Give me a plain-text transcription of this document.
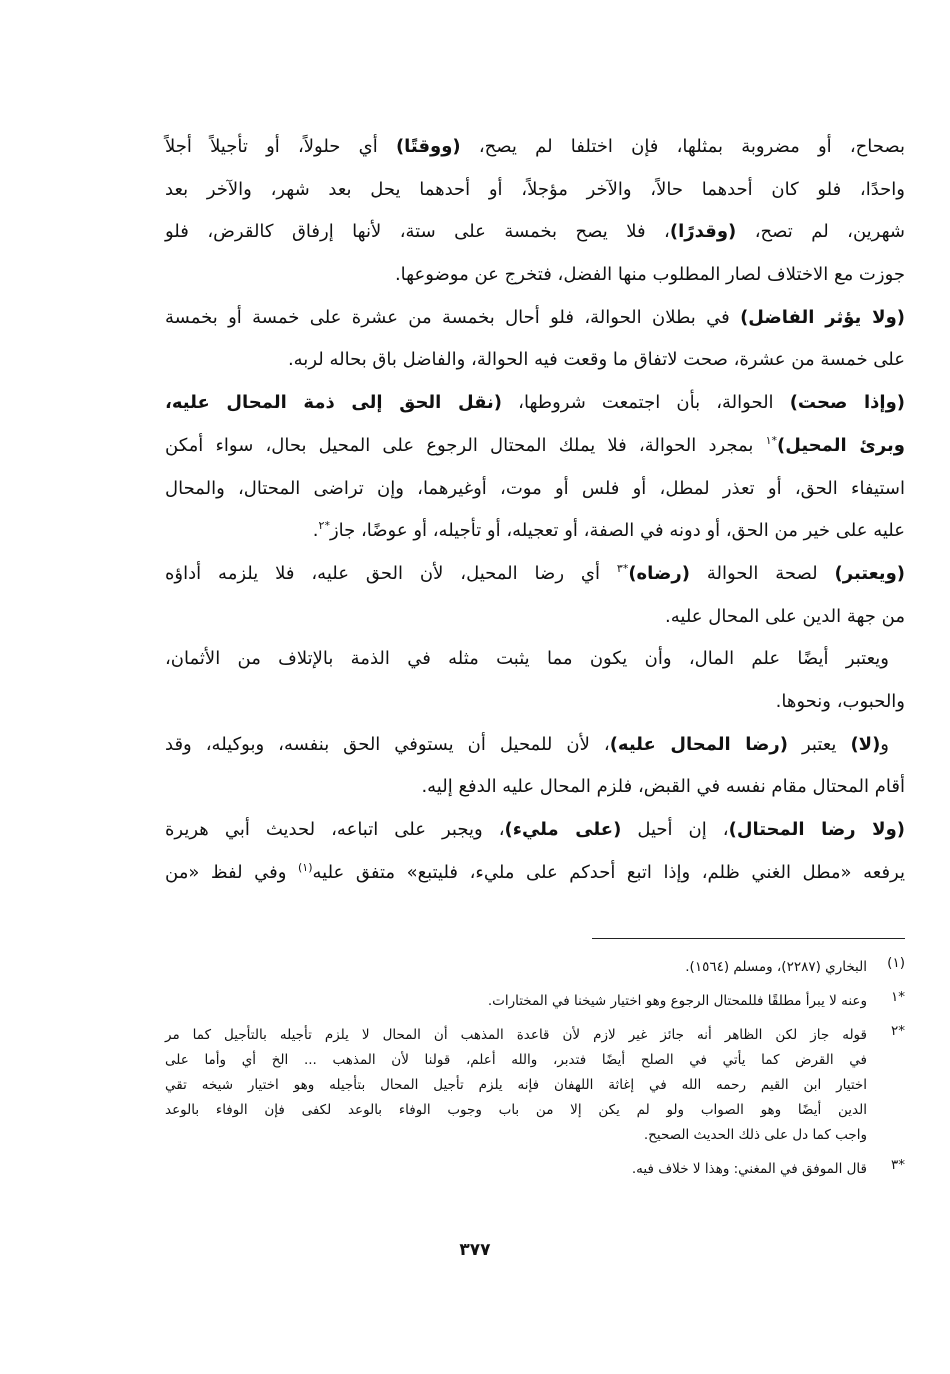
بصحاح، أو مضروبة بمثلها، فإن اختلفا لم يصح، (ووقتًا) أي حلولاً، أو تأجيلاً أجلاً
واحدًا، فلو كان أحدهما حالاً، والآخر مؤجلاً، أو أحدهما يحل بعد شهر، والآخر بعد
شهرين، لم تصح، (وقدرًا)، فلا يصح بخمسة على ستة، لأنها إرفاق كالقرض، فلو
جوزت مع الاختلاف لصار المطلوب منها الفضل، فتخرج عن موضوعها.
(ولا يؤثر الفاضل) في بطلان الحوالة، فلو أحال بخمسة من عشرة على خمسة أو بخمسة
على خمسة من عشرة، صحت لاتفاق ما وقعت فيه الحوالة، والفاضل باق بحاله لربه.
(وإذا صحت) الحوالة، بأن اجتمعت شروطها، (نقل الحق إلى ذمة المحال عليه،
وبرئ المحيل)$^{*١}$ بمجرد الحوالة، فلا يملك المحتال الرجوع على المحيل بحال، سواء أمكن
استيفاء الحق، أو تعذر لمطل، أو فلس أو موت، أوغيرهما، وإن تراضى المحتال، والمحال
عليه على خير من الحق، أو دونه في الصفة، أو تعجيله، أو تأجيله، أو عوضًا، جاز$^{*٢}$.
(ويعتبر) لصحة الحوالة (رضاه)$^{*٣}$ أي رضا المحيل، لأن الحق عليه، فلا يلزمه أداؤه
من جهة الدين على المحال عليه.
ويعتبر أيضًا علم المال، وأن يكون مما يثبت مثله في الذمة بالإتلاف من الأثمان،
والحبوب، ونحوها.
و(لا) يعتبر (رضا المحال عليه)، لأن للمحيل أن يستوفي الحق بنفسه، وبوكيله، وقد
أقام المحتال مقام نفسه في القبض، فلزم المحال عليه الدفع إليه.
(ولا رضا المحتال)، إن أحيل (على مليء)، ويجبر على اتباعه، لحديث أبي هريرة
يرفعه «مطل الغني ظلم، وإذا اتبع أحدكم على مليء، فليتبع» متفق عليه$^{(١)}$ وفي لفظ «من
(١)
البخاري (٢٢٨٧)، ومسلم (١٥٦٤).
*١
وعنه لا يبرأ مطلقًا فللمحتال الرجوع وهو اختيار شيخنا في المختارات.
*٢
قوله جاز لكن الظاهر أنه جائز غير لازم لأن قاعدة المذهب أن المحال لا يلزم تأجيله بالتأجيل كما مر
في القرض كما يأتي في الصلح أيضًا فتدبر، والله أعلم، قولنا لأن المذهب ... الخ أي وأما على
اختيار ابن القيم رحمه الله في إغاثة اللهفان فإنه يلزم تأجيل المحال بتأجيله وهو اختيار شيخه تقي
الدين أيضًا وهو الصواب ولو لم يكن إلا من باب وجوب الوفاء بالوعد لكفى فإن الوفاء بالوعد
واجب كما دل على ذلك الحديث الصحيح.
*٣
قال الموفق في المغني: وهذا لا خلاف فيه.
٣٧٧
